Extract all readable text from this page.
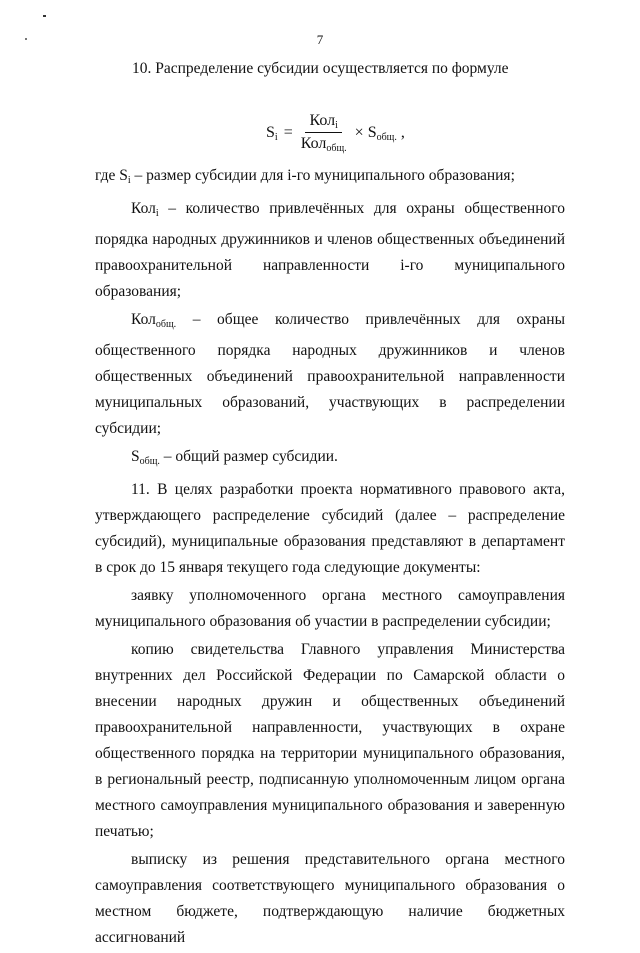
7
10. Распределение субсидии осуществляется по формуле
$S_i = \frac{Кол_i}{Кол_{общ.}} \times S_{общ.}$ ,

где $S_i$ – размер субсидии для i-го муниципального образования;

Кол$_i$ – количество привлечённых для охраны общественного порядка народных дружинников и членов общественных объединений правоохранительной направленности i-го муниципального образования;

Кол$_{общ.}$ – общее количество привлечённых для охраны общественного порядка народных дружинников и членов общественных объединений правоохранительной направленности муниципальных образований, участвующих в распределении субсидии;

$S_{общ.}$ – общий размер субсидии.

11. В целях разработки проекта нормативного правового акта, утверждающего распределение субсидий (далее – распределение субсидий), муниципальные образования представляют в департамент в срок до 15 января текущего года следующие документы:

заявку уполномоченного органа местного самоуправления муниципального образования об участии в распределении субсидии;

копию свидетельства Главного управления Министерства внутренних дел Российской Федерации по Самарской области о внесении народных дружин и общественных объединений правоохранительной направленности, участвующих в охране общественного порядка на территории муниципального образования, в региональный реестр, подписанную уполномоченным лицом органа местного самоуправления муниципального образования и заверенную печатью;

выписку из решения представительного органа местного самоуправления соответствующего муниципального образования о местном бюджете, подтверждающую наличие бюджетных ассигнований
